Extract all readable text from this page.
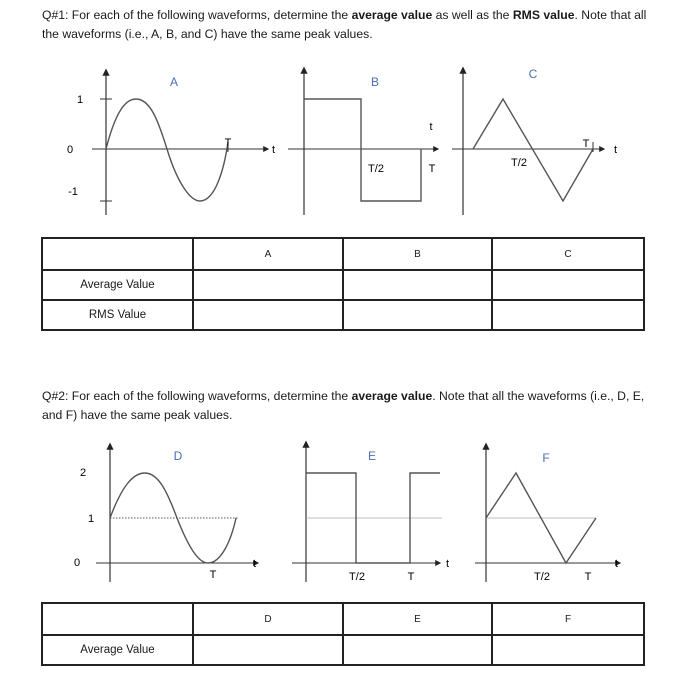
Q#1: For each of the following waveforms, determine the average value as well as the RMS value. Note that all the waveforms (i.e., A, B, and C) have the same peak values.
1
0
-1
A
T
t
B
T/2	T
t
C
T/2
T t
	A	B	C
Average Value			
RMS Value			
Q#2: For each of the following waveforms, determine the average value. Note that all the waveforms (i.e., D, E, and F) have the same peak values.
2
1
0
D
T
t
E
T/2	T
t
F
T/2	T
t
	D	E	F
Average Value			
